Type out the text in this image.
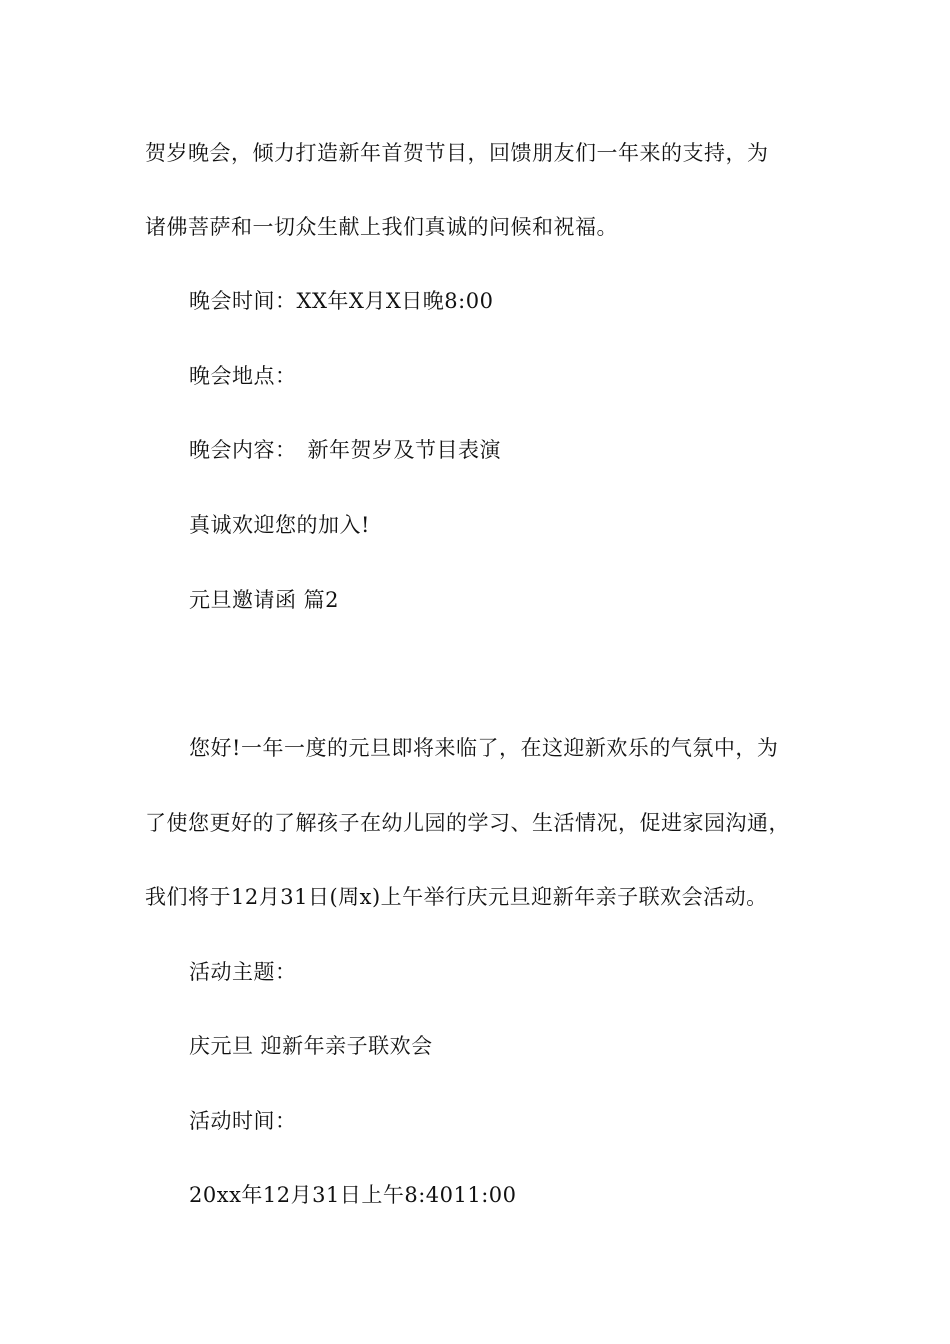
贺岁晚会，倾力打造新年首贺节目，回馈朋友们一年来的支持，为
诸佛菩萨和一切众生献上我们真诚的问候和祝福。
晚会时间：XX年X月X日晚8:00
晚会地点：
晚会内容：　新年贺岁及节目表演
真诚欢迎您的加入!
元旦邀请函 篇2
您好!一年一度的元旦即将来临了，在这迎新欢乐的气氛中，为
了使您更好的了解孩子在幼儿园的学习、生活情况，促进家园沟通，
我们将于12月31日(周x)上午举行庆元旦迎新年亲子联欢会活动。
活动主题：
庆元旦 迎新年亲子联欢会
活动时间：
20xx年12月31日上午8:4011:00
